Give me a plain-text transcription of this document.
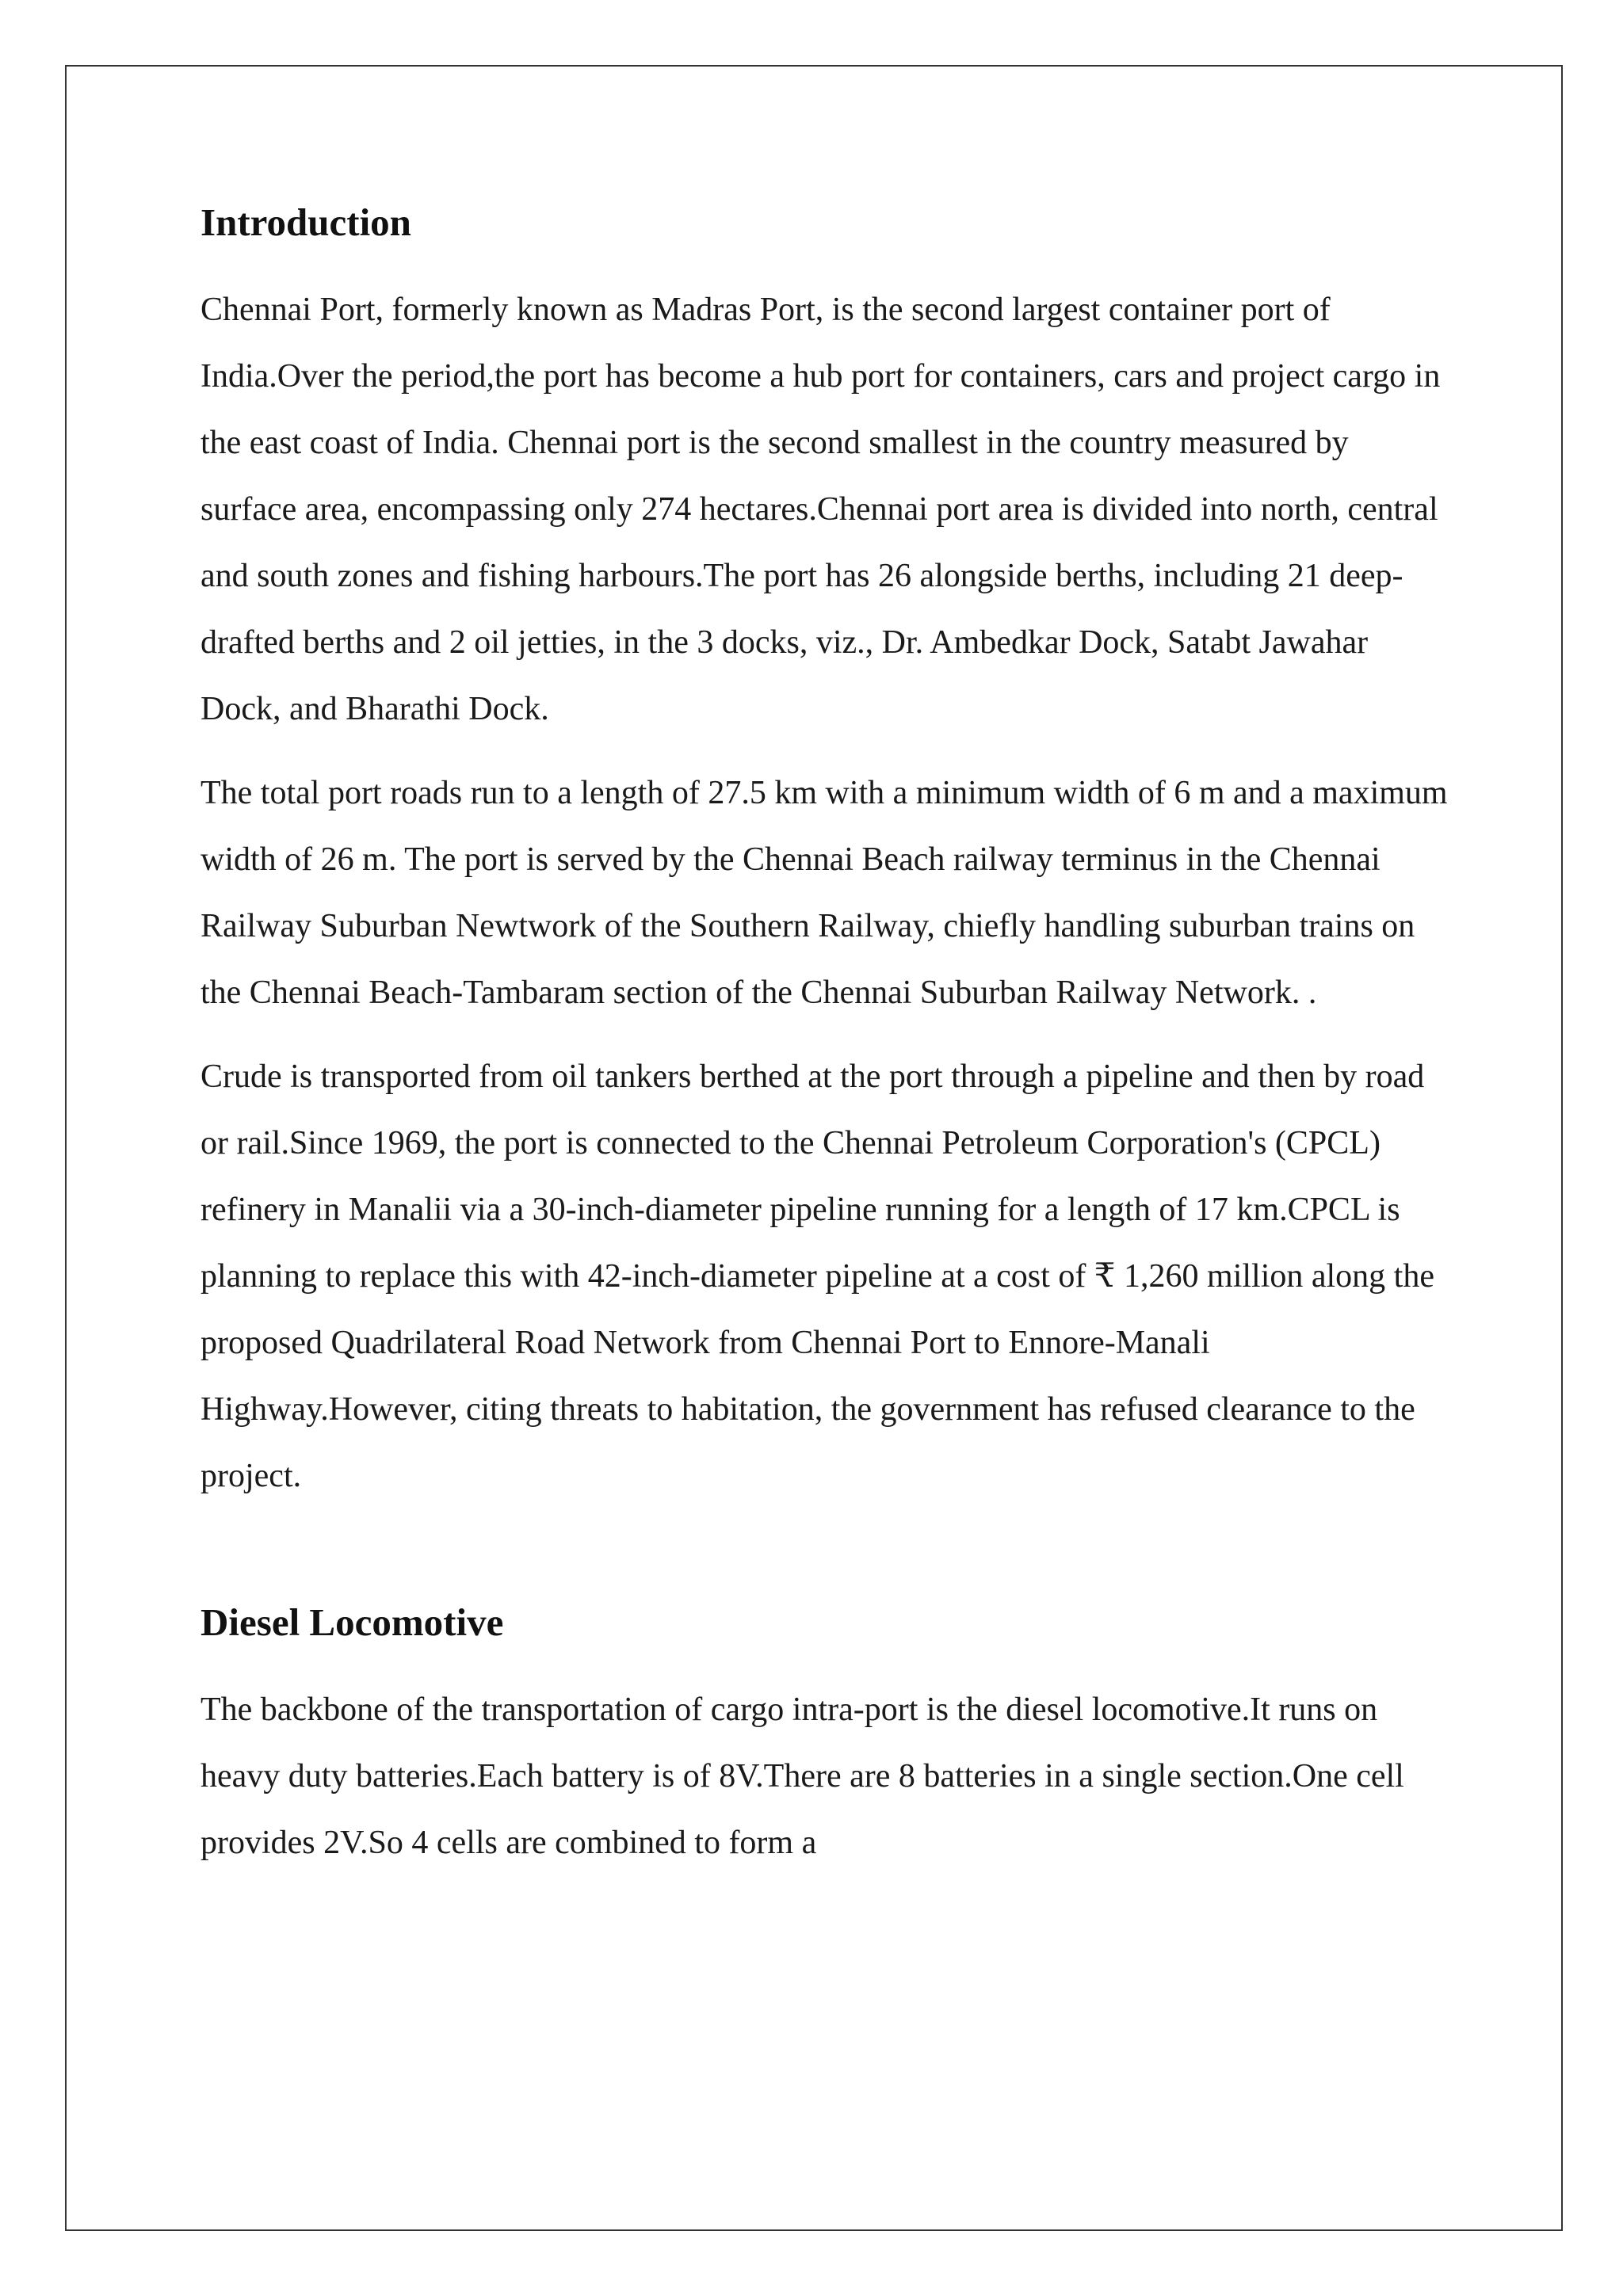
Introduction

Chennai Port, formerly known as Madras Port, is the second largest container port of India.Over the period,the port has become a hub port for containers, cars and project cargo in the east coast of India. Chennai port is the second smallest in the country measured by surface area, encompassing only 274 hectares.Chennai port area is divided into north, central and south zones and fishing harbours.The port has 26 alongside berths, including 21 deep-drafted berths and 2 oil jetties, in the 3 docks, viz., Dr. Ambedkar Dock, Satabt Jawahar Dock, and Bharathi Dock.

The total port roads run to a length of 27.5 km with a minimum width of 6 m and a maximum width of 26 m. The port is served by the Chennai Beach railway terminus in the Chennai Railway Suburban Newtwork of the Southern Railway, chiefly handling suburban trains on the Chennai Beach-Tambaram section of the Chennai Suburban Railway Network. .

Crude is transported from oil tankers berthed at the port through a pipeline and then by road or rail.Since 1969, the port is connected to the Chennai Petroleum Corporation's (CPCL) refinery in Manalii via a 30-inch-diameter pipeline running for a length of 17 km.CPCL is planning to replace this with 42-inch-diameter pipeline at a cost of ₹ 1,260 million along the proposed Quadrilateral Road Network from Chennai Port to Ennore-Manali Highway.However, citing threats to habitation, the government has refused clearance to the project.

Diesel Locomotive

The backbone of the transportation of cargo intra-port is the diesel locomotive.It runs on heavy duty batteries.Each battery is of 8V.There are 8 batteries in a single section.One cell provides 2V.So 4 cells are combined to form a
